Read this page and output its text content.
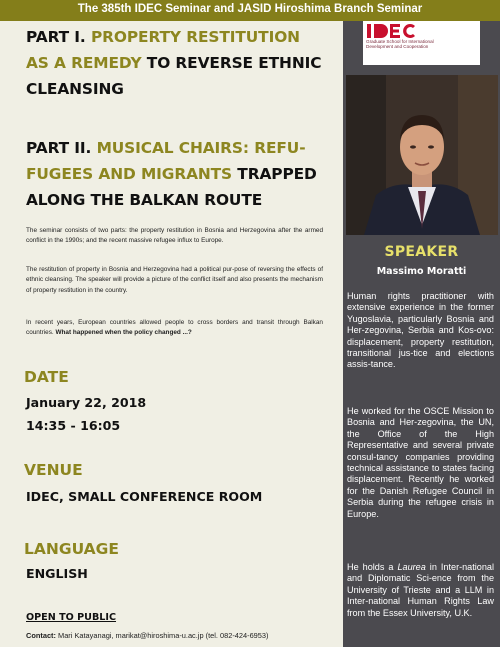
The 385th IDEC Seminar and JASID Hiroshima Branch Seminar
Graduate School for International Development and Cooperation
SPEAKER
Massimo Moratti
Human rights practitioner with extensive experience in the former Yugoslavia, particularly Bosnia and Her-zegovina, Serbia and Kos-ovo: displacement, property restitution, transitional jus-tice and elections assis-tance.
He worked for the OSCE Mission to Bosnia and Her-zegovina, the UN, the Office of the High Representative and several private consul-tancy companies providing technical assistance to states facing displacement. Recently he worked for the Danish Refugee Council in Serbia during the refugee crisis in Europe.
He holds a Laurea in Inter-national and Diplomatic Sci-ence from the University of Trieste and a LLM in Inter-national Human Rights Law from the Essex University, U.K.
PART I. PROPERTY RESTITUTION AS A REMEDY TO REVERSE ETHNIC CLEANSING
PART II. MUSICAL CHAIRS: REFU-FUGEES AND MIGRANTS TRAPPED ALONG THE BALKAN ROUTE
The seminar consists of two parts: the property restitution in Bosnia and Herzegovina after the armed conflict in the 1990s; and the recent massive refugee influx to Europe.
The restitution of property in Bosnia and Herzegovina had a political pur-pose of reversing the effects of ethnic cleansing. The speaker will provide a picture of the conflict itself and also presents the mechanism of property restitution in the country.
In recent years, European countries allowed people to cross borders and transit through Balkan countries. What happened when the policy changed ...?
DATE
January 22, 2018
14:35 - 16:05
VENUE
IDEC, SMALL CONFERENCE ROOM
LANGUAGE
ENGLISH
OPEN TO PUBLIC
Contact: Mari Katayanagi, marikat@hiroshima-u.ac.jp (tel. 082-424-6953)
